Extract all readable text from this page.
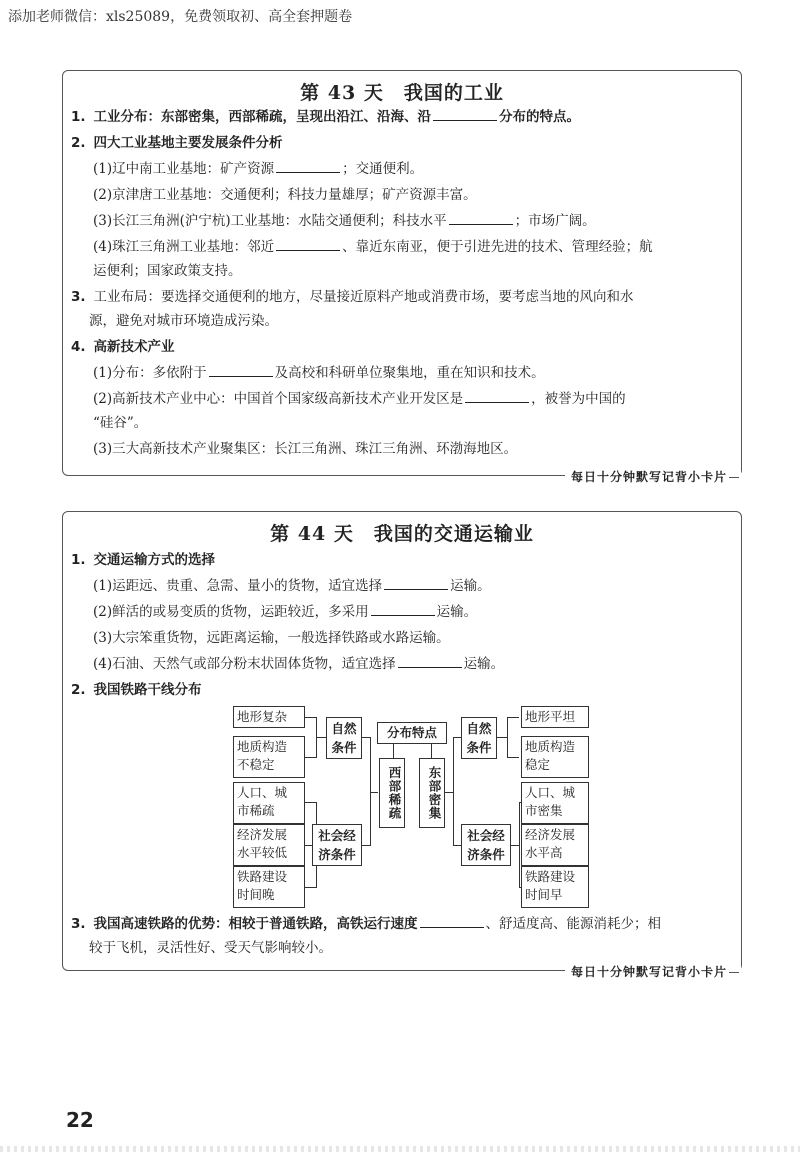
添加老师微信：xls25089，免费领取初、高全套押题卷
第 43 天　我国的工业
1. 工业分布：东部密集，西部稀疏，呈现出沿江、沿海、沿	分布的特点。
2. 四大工业基地主要发展条件分析
(1)辽中南工业基地：矿产资源	；交通便利。
(2)京津唐工业基地：交通便利；科技力量雄厚；矿产资源丰富。
(3)长江三角洲(沪宁杭)工业基地：水陆交通便利；科技水平	；市场广阔。
(4)珠江三角洲工业基地：邻近	、靠近东南亚，便于引进先进的技术、管理经验；航
运便利；国家政策支持。
3. 工业布局：要选择交通便利的地方，尽量接近原料产地或消费市场，要考虑当地的风向和水
源，避免对城市环境造成污染。
4. 高新技术产业
(1)分布：多依附于	及高校和科研单位聚集地，重在知识和技术。
(2)高新技术产业中心：中国首个国家级高新技术产业开发区是	，被誉为中国的
“硅谷”。
(3)三大高新技术产业聚集区：长江三角洲、珠江三角洲、环渤海地区。
每日十分钟默写记背小卡片
第 44 天　我国的交通运输业
1. 交通运输方式的选择
(1)运距远、贵重、急需、量小的货物，适宜选择	运输。
(2)鲜活的或易变质的货物，运距较近，多采用	运输。
(3)大宗笨重货物，远距离运输，一般选择铁路或水路运输。
(4)石油、天然气或部分粉末状固体货物，适宜选择	运输。
2. 我国铁路干线分布
地形复杂
地质构造
不稳定
人口、城
市稀疏
经济发展
水平较低
铁路建设
时间晚
自然条件
社会经济条件
分布特点
西部稀疏	东部密集
自然条件
社会经济条件
地形平坦
地质构造
稳定
人口、城
市密集
经济发展
水平高
铁路建设
时间早
3. 我国高速铁路的优势：相较于普通铁路，高铁运行速度	、舒适度高、能源消耗少；相
较于飞机，灵活性好、受天气影响较小。
每日十分钟默写记背小卡片
22
